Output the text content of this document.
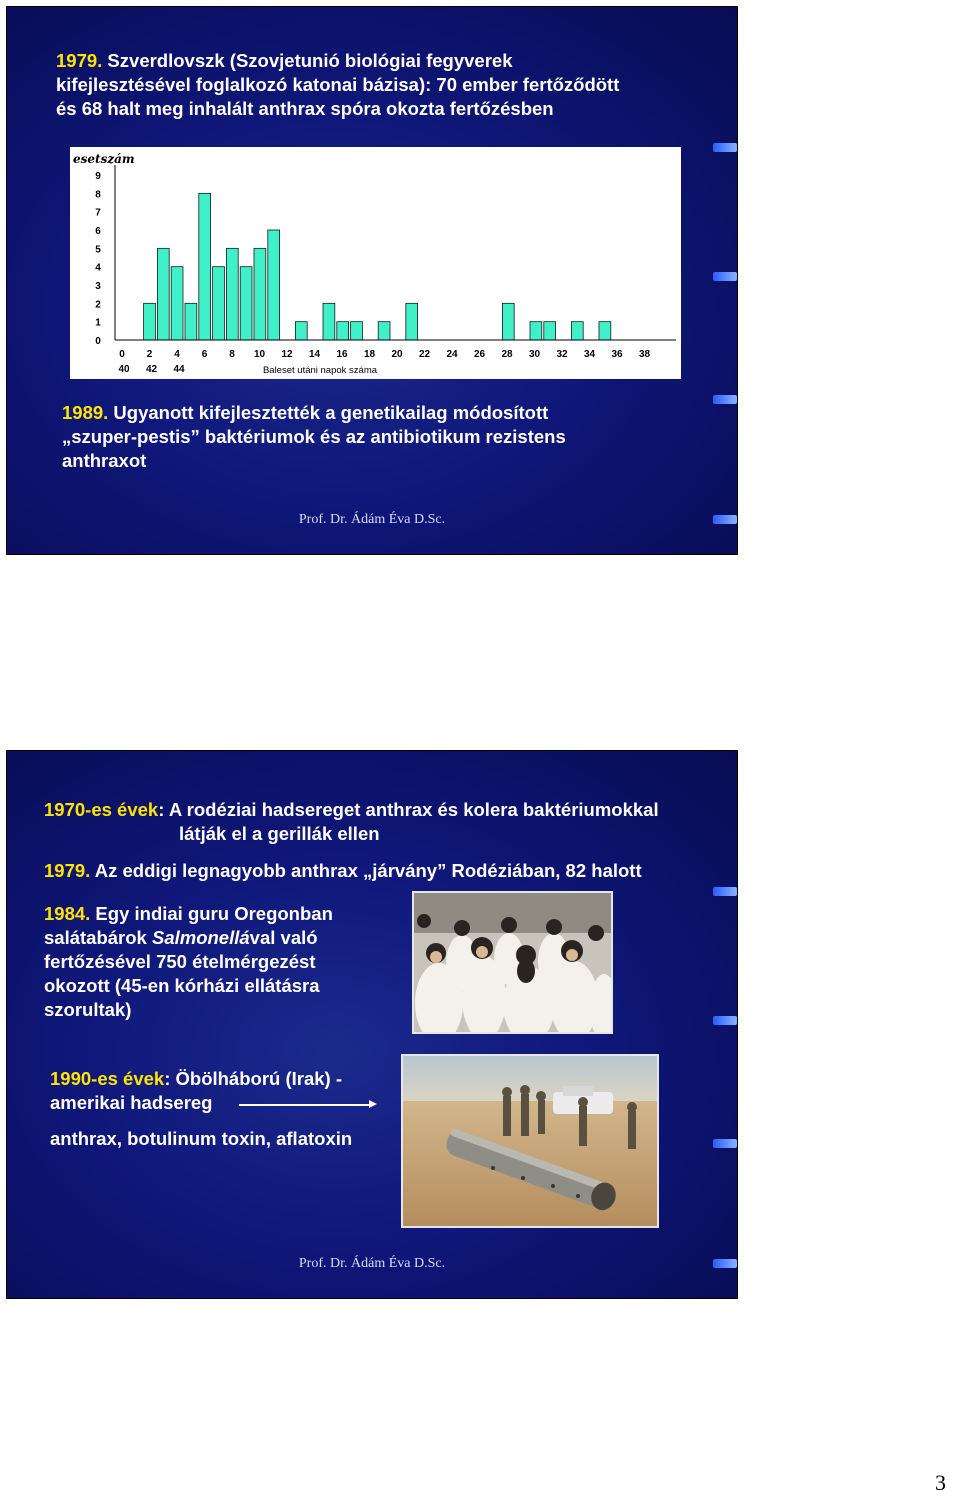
1979. Szverdlovszk (Szovjetunió biológiai fegyverek
kifejlesztésével foglalkozó katonai bázisa): 70 ember fertőződött
és 68 halt meg inhalált anthrax spóra okozta fertőzésben
esetszám
0
1
2
3
4
5
6
7
8
9
0 2 4 6 8 10 12 14 16 18 20 22 24 26 28 30 32 34 36 38
40 42 44	Baleset utáni napok száma
1989. Ugyanott kifejlesztették a genetikailag módosított
„szuper-pestis” baktériumok és az antibiotikum rezistens
anthraxot
Prof. Dr. Ádám Éva D.Sc.
1970-es évek: A rodéziai hadsereget anthrax és kolera baktériumokkal
látják el a gerillák ellen
1979. Az eddigi legnagyobb anthrax „járvány” Rodéziában, 82 halott
1984. Egy indiai guru Oregonban
salátabárok Salmonellával való
fertőzésével 750 ételmérgezést
okozott (45-en kórházi ellátásra
szorultak)
1990-es évek: Öbölháború (Irak) -
amerikai hadsereg
anthrax, botulinum toxin, aflatoxin
Prof. Dr. Ádám Éva D.Sc.
3
